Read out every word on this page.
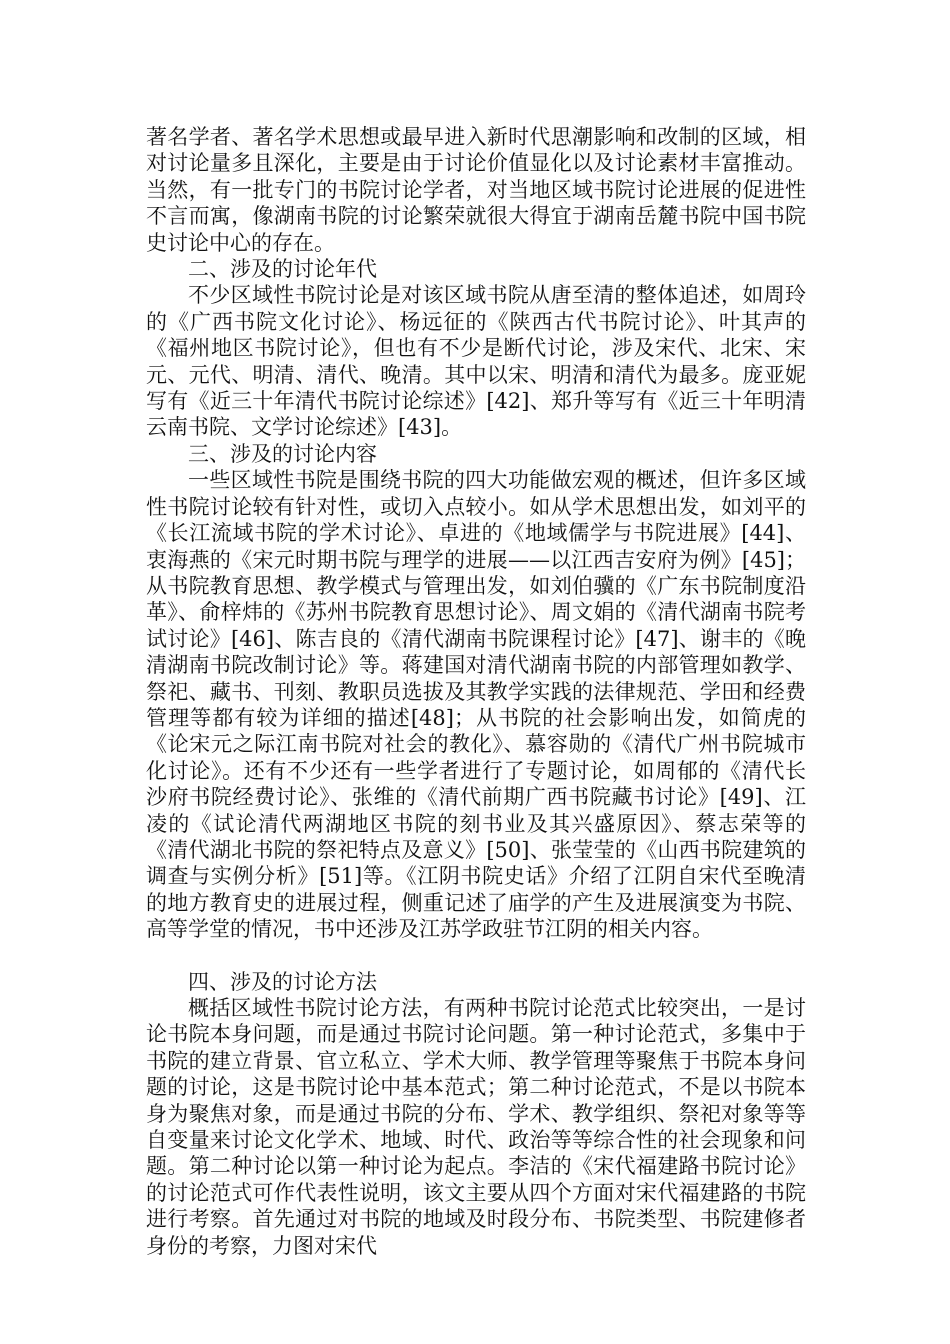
著名学者、著名学术思想或最早进入新时代思潮影响和改制的区域，相对讨论量多且深化，主要是由于讨论价值显化以及讨论素材丰富推动。当然，有一批专门的书院讨论学者，对当地区域书院讨论进展的促进性不言而寓，像湖南书院的讨论繁荣就很大得宜于湖南岳麓书院中国书院史讨论中心的存在。

二、涉及的讨论年代

不少区域性书院讨论是对该区域书院从唐至清的整体追述，如周玲的《广西书院文化讨论》、杨远征的《陕西古代书院讨论》、叶其声的《福州地区书院讨论》，但也有不少是断代讨论，涉及宋代、北宋、宋元、元代、明清、清代、晚清。其中以宋、明清和清代为最多。庞亚妮写有《近三十年清代书院讨论综述》[42]、郑升等写有《近三十年明清云南书院、文学讨论综述》[43]。

三、涉及的讨论内容

一些区域性书院是围绕书院的四大功能做宏观的概述，但许多区域性书院讨论较有针对性，或切入点较小。如从学术思想出发，如刘平的《长江流域书院的学术讨论》、卓进的《地域儒学与书院进展》[44]、衷海燕的《宋元时期书院与理学的进展——以江西吉安府为例》[45]；从书院教育思想、教学模式与管理出发，如刘伯骥的《广东书院制度沿革》、俞梓炜的《苏州书院教育思想讨论》、周文娟的《清代湖南书院考试讨论》[46]、陈吉良的《清代湖南书院课程讨论》[47]、谢丰的《晚清湖南书院改制讨论》等。蒋建国对清代湖南书院的内部管理如教学、祭祀、藏书、刊刻、教职员选拔及其教学实践的法律规范、学田和经费管理等都有较为详细的描述[48]；从书院的社会影响出发，如简虎的《论宋元之际江南书院对社会的教化》、慕容勋的《清代广州书院城市化讨论》。还有不少还有一些学者进行了专题讨论，如周郁的《清代长沙府书院经费讨论》、张维的《清代前期广西书院藏书讨论》[49]、江凌的《试论清代两湖地区书院的刻书业及其兴盛原因》、蔡志荣等的《清代湖北书院的祭祀特点及意义》[50]、张莹莹的《山西书院建筑的调查与实例分析》[51]等。《江阴书院史话》介绍了江阴自宋代至晚清的地方教育史的进展过程，侧重记述了庙学的产生及进展演变为书院、高等学堂的情况，书中还涉及江苏学政驻节江阴的相关内容。

四、涉及的讨论方法

概括区域性书院讨论方法，有两种书院讨论范式比较突出，一是讨论书院本身问题，而是通过书院讨论问题。第一种讨论范式，多集中于书院的建立背景、官立私立、学术大师、教学管理等聚焦于书院本身问题的讨论，这是书院讨论中基本范式；第二种讨论范式，不是以书院本身为聚焦对象，而是通过书院的分布、学术、教学组织、祭祀对象等等自变量来讨论文化学术、地域、时代、政治等等综合性的社会现象和问题。第二种讨论以第一种讨论为起点。李洁的《宋代福建路书院讨论》的讨论范式可作代表性说明，该文主要从四个方面对宋代福建路的书院进行考察。首先通过对书院的地域及时段分布、书院类型、书院建修者身份的考察，力图对宋代
